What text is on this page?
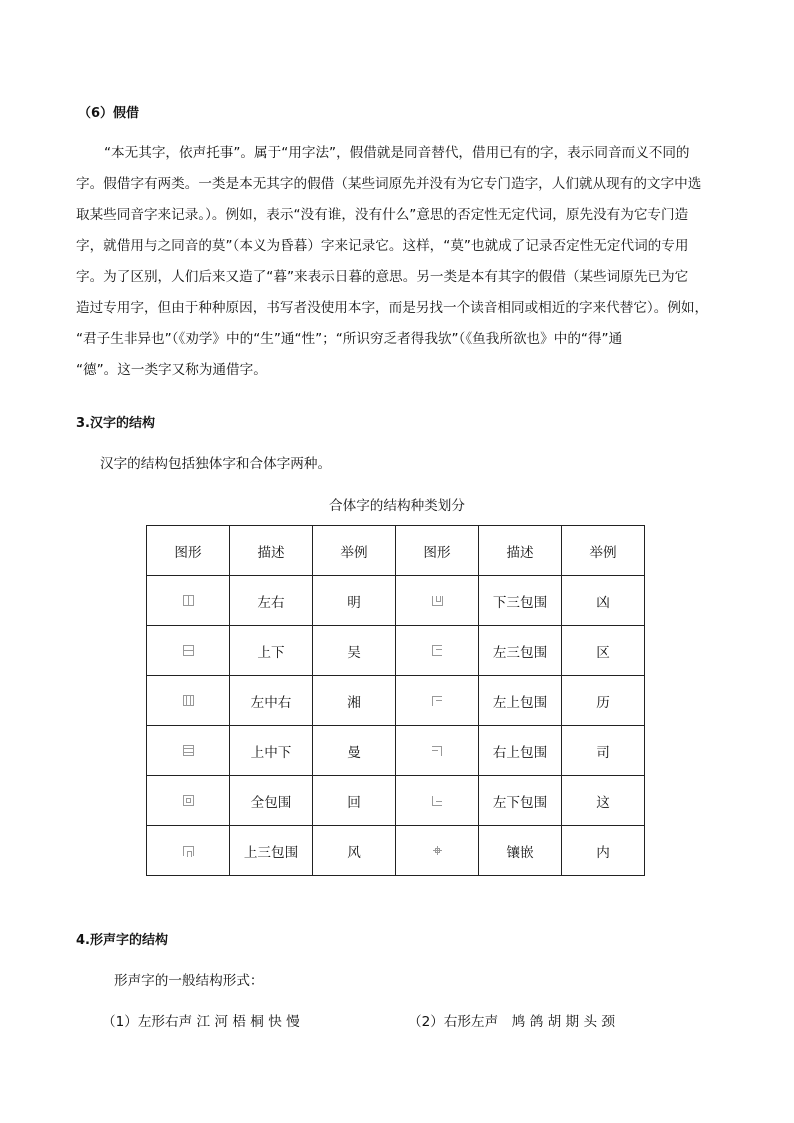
（6）假借

“本无其字，依声托事”。属于“用字法”，假借就是同音替代，借用已有的字，表示同音而义不同的

字。假借字有两类。一类是本无其字的假借（某些词原先并没有为它专门造字，人们就从现有的文字中选

取某些同音字来记录。）。例如，表示“没有谁，没有什么”意思的否定性无定代词，原先没有为它专门造

字，就借用与之同音的莫”（本义为昏暮）字来记录它。这样，“莫”也就成了记录否定性无定代词的专用

字。为了区别，人们后来又造了“暮”来表示日暮的意思。另一类是本有其字的假借（某些词原先已为它

造过专用字，但由于种种原因，书写者没使用本字，而是另找一个读音相同或相近的字来代替它）。例如，

“君子生非异也”（《劝学》中的“生”通“性”；“所识穷乏者得我欤”（《鱼我所欲也》中的“得”通

“德”。这一类字又称为通借字。

3.汉字的结构
汉字的结构包括独体字和合体字两种。
合体字的结构种类划分
图形	描述	举例	图形	描述	举例

	左右	明		下三包围	凶

	上下	吴		左三包围	区

	左中右	湘		左上包围	历

	上中下	曼		右上包围	司

	全包围	回		左下包围	这

	上三包围	风		镶嵌	内
4.形声字的结构
形声字的一般结构形式：
（1）左形右声 江 河 梧 桐 快 慢	（2）右形左声　鸠 鸽 胡 期 头 颈
